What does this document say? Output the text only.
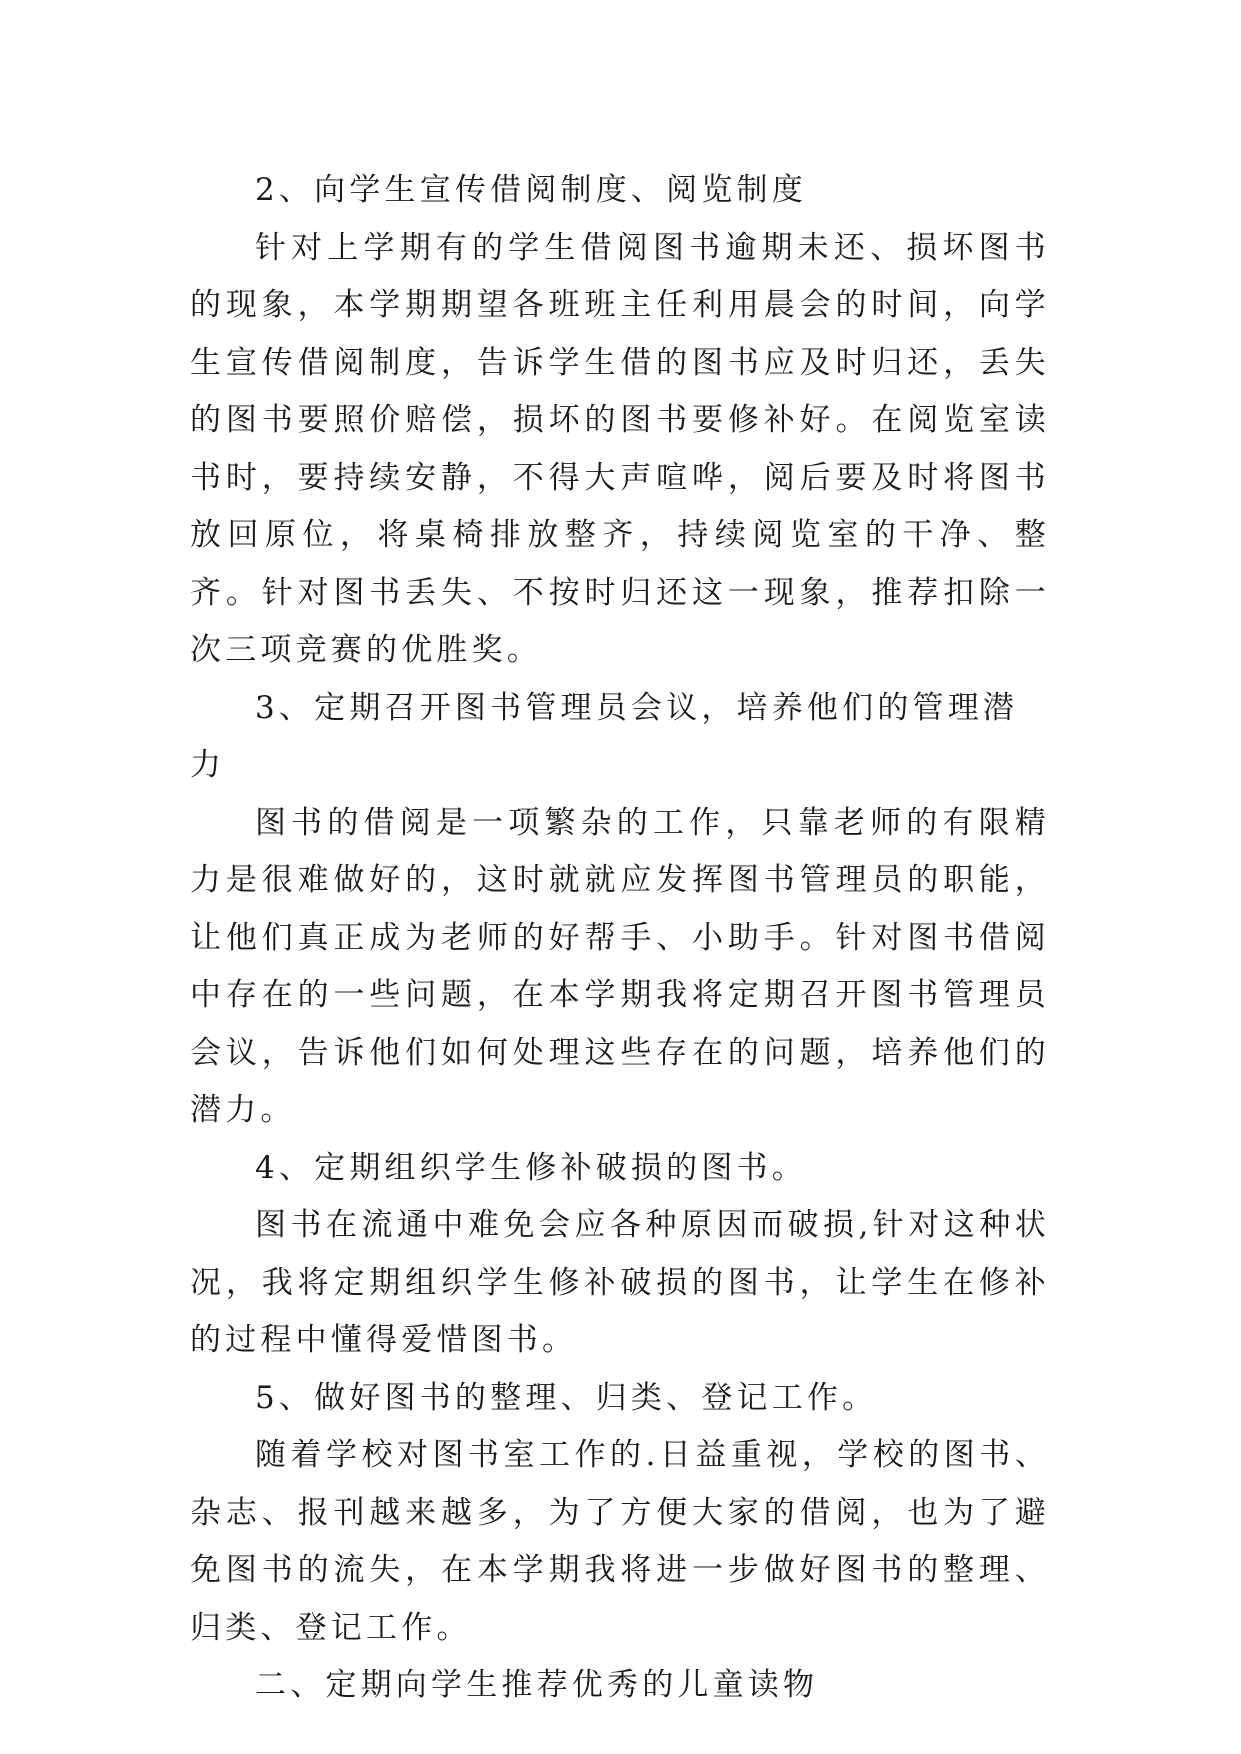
2、向学生宣传借阅制度、阅览制度

针对上学期有的学生借阅图书逾期未还、损坏图书的现象，本学期期望各班班主任利用晨会的时间，向学生宣传借阅制度，告诉学生借的图书应及时归还，丢失的图书要照价赔偿，损坏的图书要修补好。在阅览室读书时，要持续安静，不得大声喧哗，阅后要及时将图书放回原位，将桌椅排放整齐，持续阅览室的干净、整齐。针对图书丢失、不按时归还这一现象，推荐扣除一次三项竞赛的优胜奖。

3、定期召开图书管理员会议，培养他们的管理潜力

图书的借阅是一项繁杂的工作，只靠老师的有限精力是很难做好的，这时就就应发挥图书管理员的职能，让他们真正成为老师的好帮手、小助手。针对图书借阅中存在的一些问题，在本学期我将定期召开图书管理员会议，告诉他们如何处理这些存在的问题，培养他们的潜力。

4、定期组织学生修补破损的图书。

图书在流通中难免会应各种原因而破损,针对这种状况，我将定期组织学生修补破损的图书，让学生在修补的过程中懂得爱惜图书。

5、做好图书的整理、归类、登记工作。

随着学校对图书室工作的.日益重视，学校的图书、杂志、报刊越来越多，为了方便大家的借阅，也为了避免图书的流失，在本学期我将进一步做好图书的整理、归类、登记工作。

二、定期向学生推荐优秀的儿童读物
